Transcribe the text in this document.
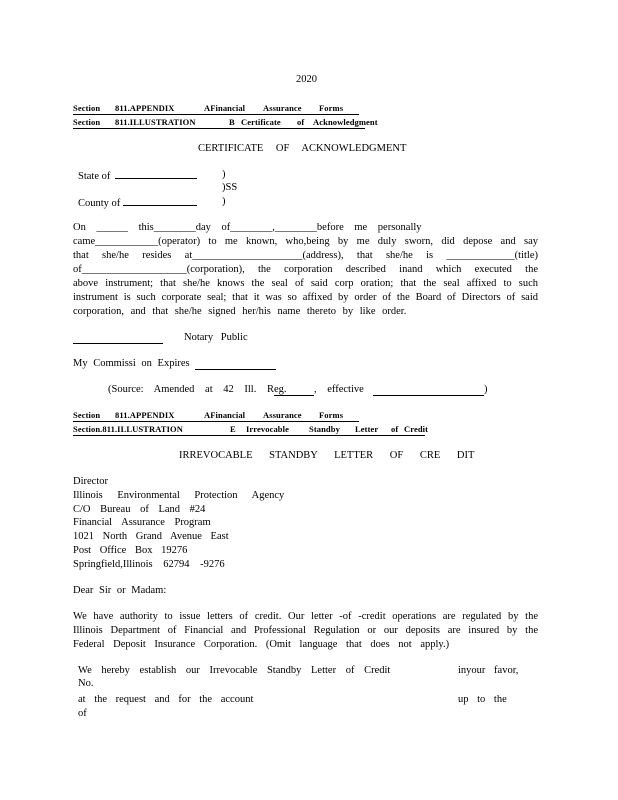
2020
Section 811.APPENDIX	AFinancial Assurance Forms
Section 811.ILLUSTRATION	B Certificate of Acknowledgment
CERTIFICATE OF ACKNOWLEDGMENT
State of	)
)SS
County of	)

On ______ this________day of________,________before me personally

came____________(operator) to me known, who,being by me duly sworn, did depose and say

that she/he resides at_____________________(address), that she/he is _____________(title)

of____________________(corporation), the corporation described inand which executed the

above instrument; that she/he knows the seal of said corp oration; that the seal affixed to such

instrument is such corporate seal; that it was so affixed by order of the Board of Directors of said

corporation, and that she/he signed her/his name thereto by like order.

Notary Public
My Commissi on Expires
(Source: Amended at 42 Ill. Reg.	, effective	)
Section 811.APPENDIX	AFinancial Assurance Forms
Section.811.ILLUSTRATION	E Irrevocable Standby Letter of Credit
IRREVOCABLE STANDBY LETTER OF CRE DIT
Director
Illinois Environmental Protection Agency
C/O Bureau of Land #24
Financial Assurance Program
1021 North Grand Avenue East
Post Office Box 19276
Springfield,Illinois 62794 -9276
Dear Sir or Madam:

We have authority to issue letters of credit. Our letter -of -credit operations are regulated by the

Illinois Department of Financial and Professional Regulation or our deposits are insured by the

Federal Deposit Insurance Corporation. (Omit language that does not apply.)

We hereby establish our Irrevocable Standby Letter of Credit	inyour favor,
No.
at the request and for the account	up to the
of
